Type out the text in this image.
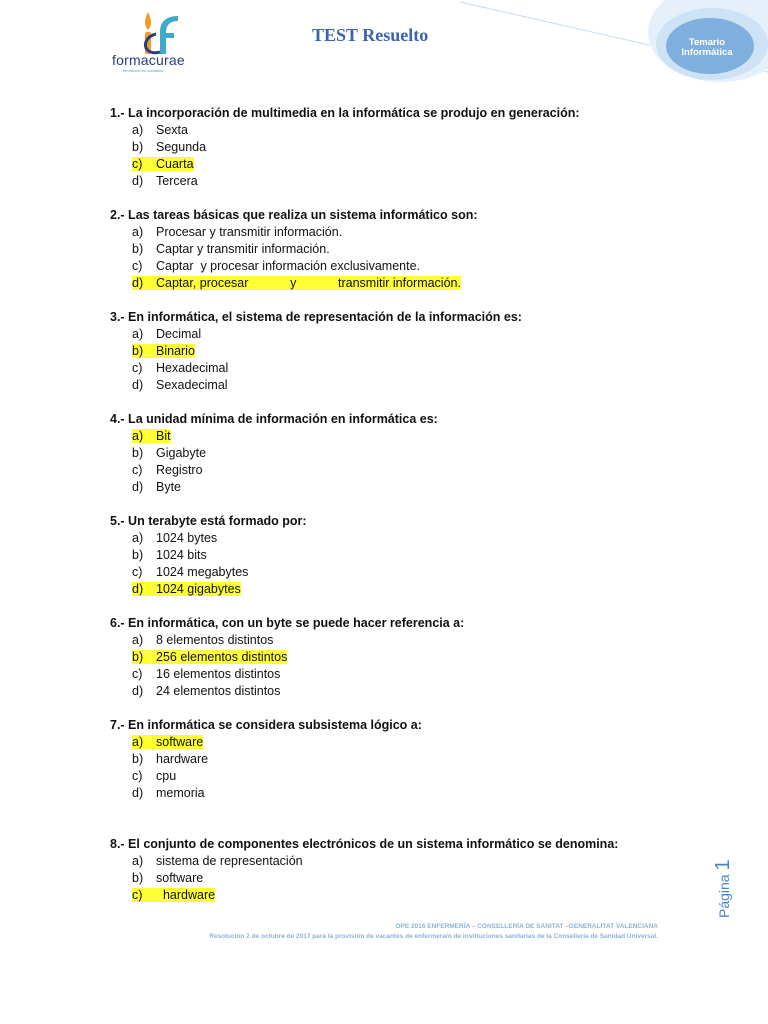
formacurae
formación en cuidados
TEST Resuelto	Temario
Informática
1.- La incorporación de multimedia en la informática se produjo en generación:
a) Sexta
b) Segunda
c) Cuarta
d) Tercera
2.- Las tareas básicas que realiza un sistema informático son:
a) Procesar y transmitir información.
b) Captar y transmitir información.
c) Captar  y procesar información exclusivamente.
d) Captar, procesar            y            transmitir información.
3.- En informática, el sistema de representación de la información es:
a) Decimal
b) Binario
c) Hexadecimal
d) Sexadecimal
4.- La unidad mínima de información en informática es:
a) Bit
b) Gigabyte
c) Registro
d) Byte
5.- Un terabyte está formado por:
a) 1024 bytes
b) 1024 bits
c) 1024 megabytes
d) 1024 gigabytes
6.- En informática, con un byte se puede hacer referencia a:
a) 8 elementos distintos
b) 256 elementos distintos
c) 16 elementos distintos
d) 24 elementos distintos
7.- En informática se considera subsistema lógico a:
a) software
b) hardware
c) cpu
d) memoria
8.- El conjunto de componentes electrónicos de un sistema informático se denomina:
a) sistema de representación
b) software
c)  hardware
OPE 2016 ENFERMERÍA – CONSELLERÍA DE SANITAT –GENERALITAT VALENCIANA
Resolución 2 de octubre de 2017 para la provisión de vacantes de enfermera/o de instituciones sanitarias de la Consellería de Sanidad Universal.
Página 1
